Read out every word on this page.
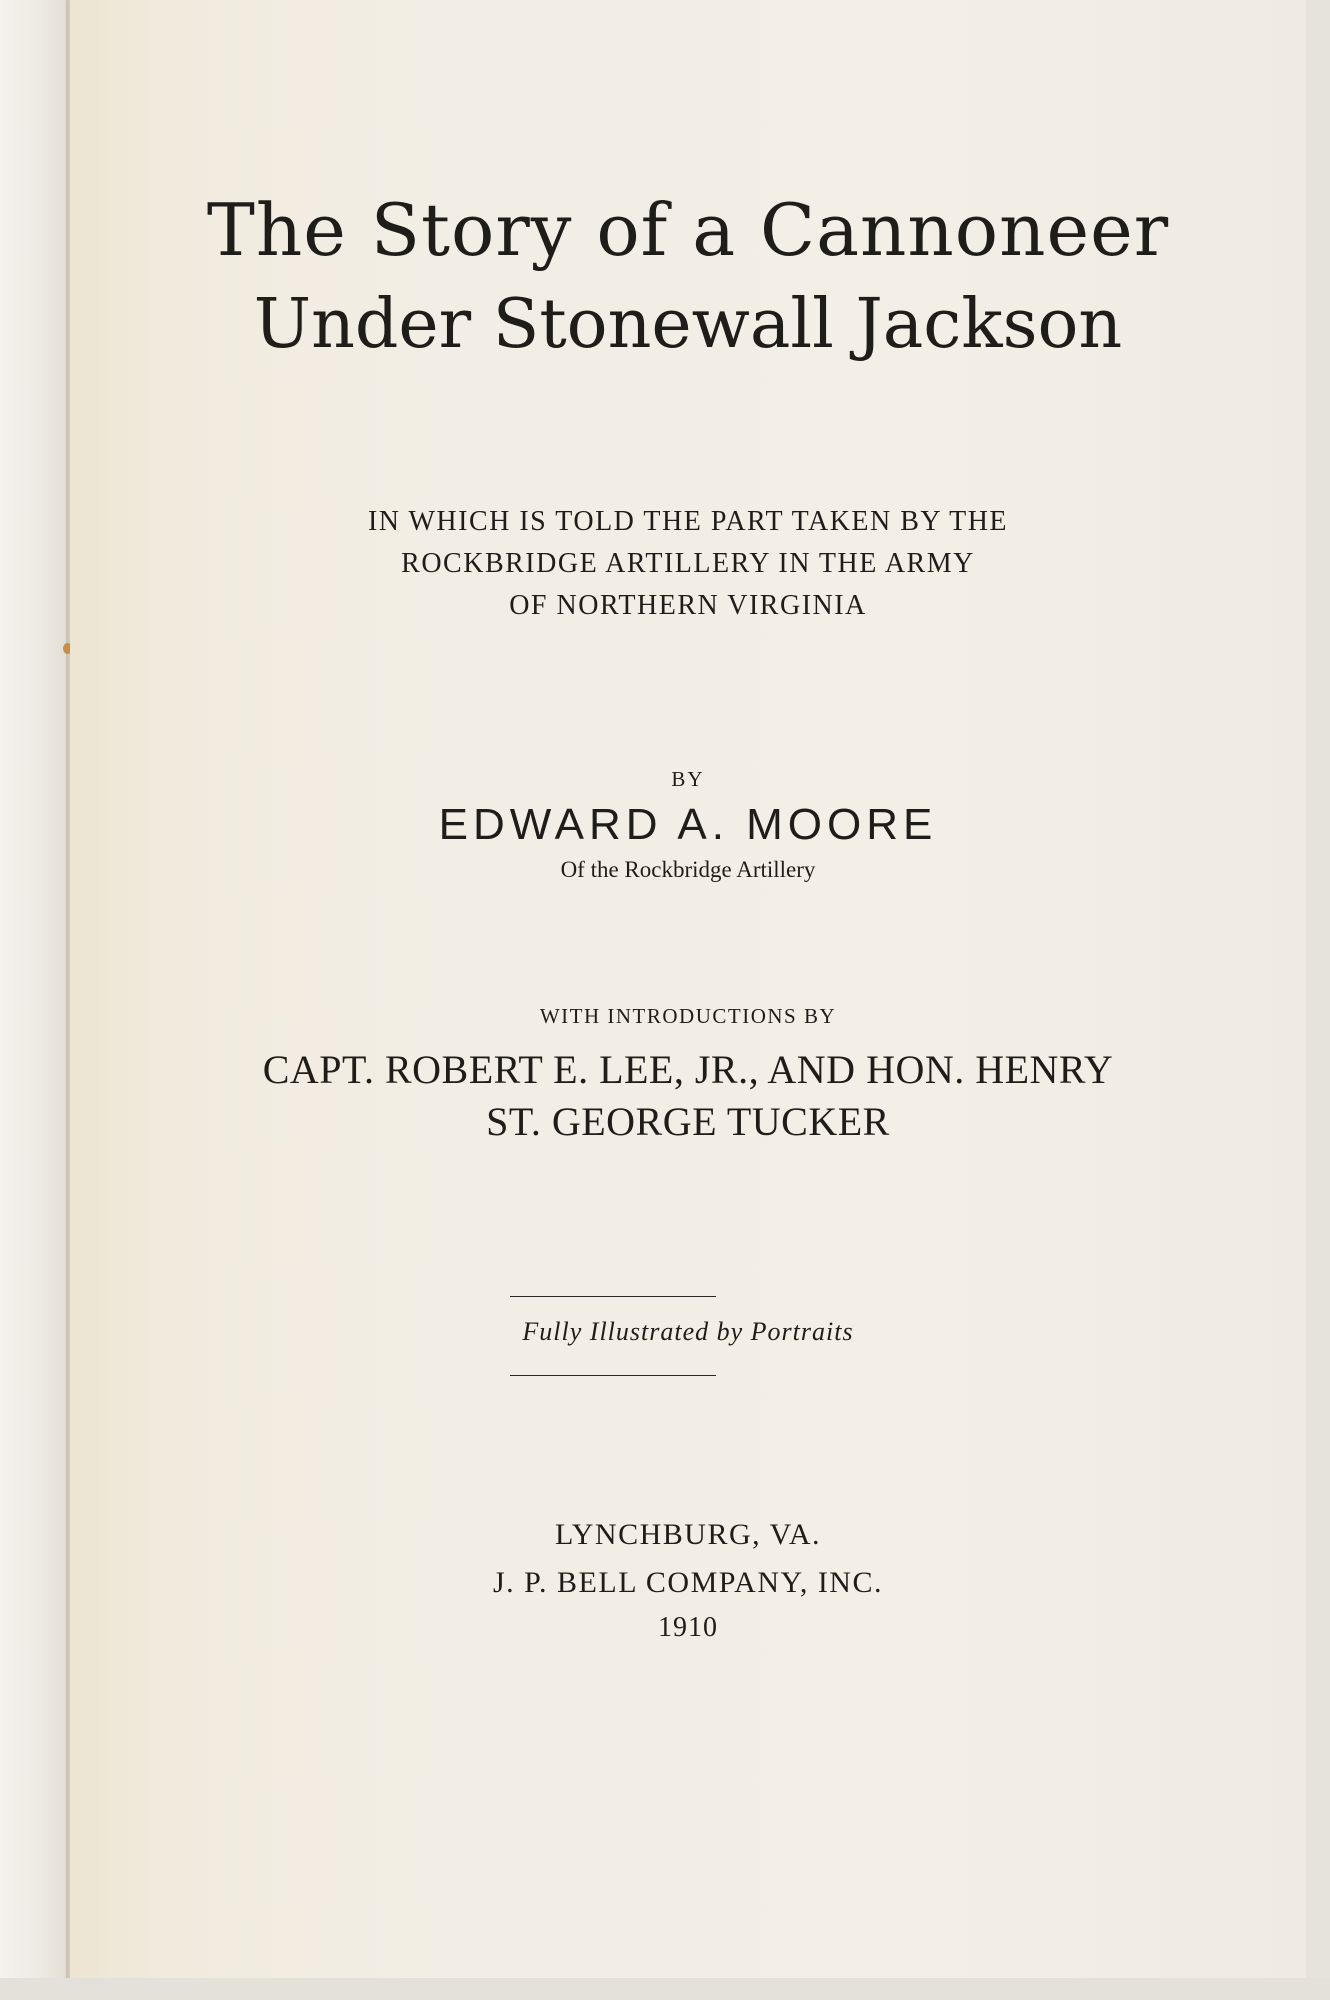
The Story of a Cannoneer
Under Stonewall Jackson
IN WHICH IS TOLD THE PART TAKEN BY THE
ROCKBRIDGE ARTILLERY IN THE ARMY
OF NORTHERN VIRGINIA
BY
EDWARD A. MOORE
Of the Rockbridge Artillery
WITH INTRODUCTIONS BY
CAPT. ROBERT E. LEE, JR., AND HON. HENRY
ST. GEORGE TUCKER
Fully Illustrated by Portraits
LYNCHBURG, VA.
J. P. BELL COMPANY, INC.
1910
